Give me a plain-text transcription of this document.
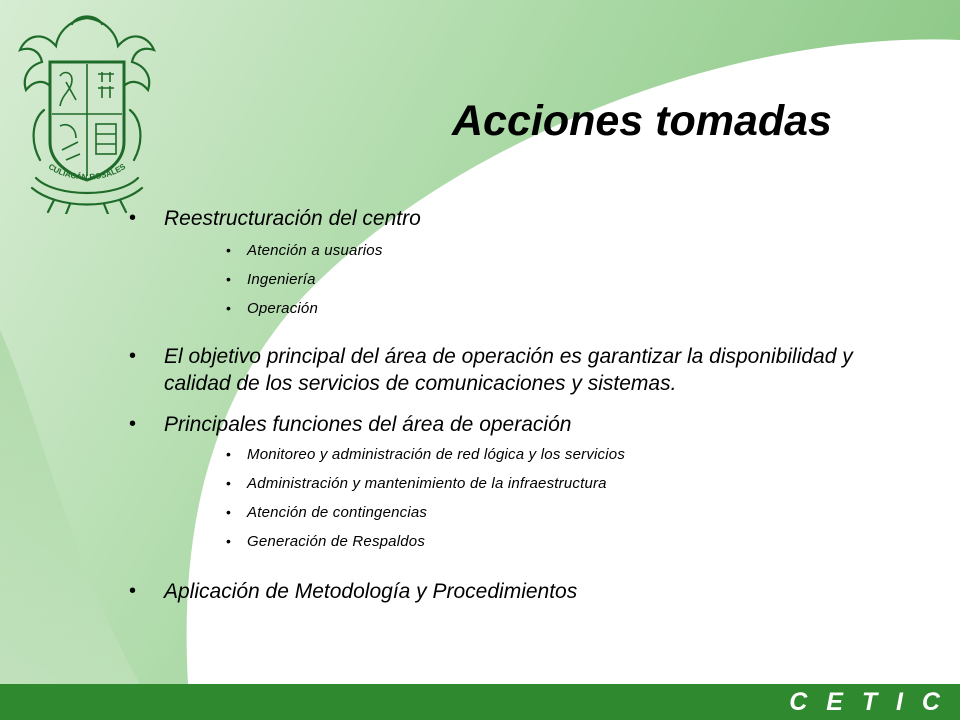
CULIACÁN ROSALES
Acciones tomadas
• Reestructuración del centro
• Atención a usuarios
• Ingeniería
• Operación
• El objetivo principal del área de operación es garantizar la disponibilidad y calidad de los servicios de comunicaciones y sistemas.
• Principales funciones del área de operación
• Monitoreo y administración de red lógica y los servicios
• Administración y mantenimiento de la infraestructura
• Atención de contingencias
• Generación de Respaldos
• Aplicación de Metodología y Procedimientos
C E T I C
